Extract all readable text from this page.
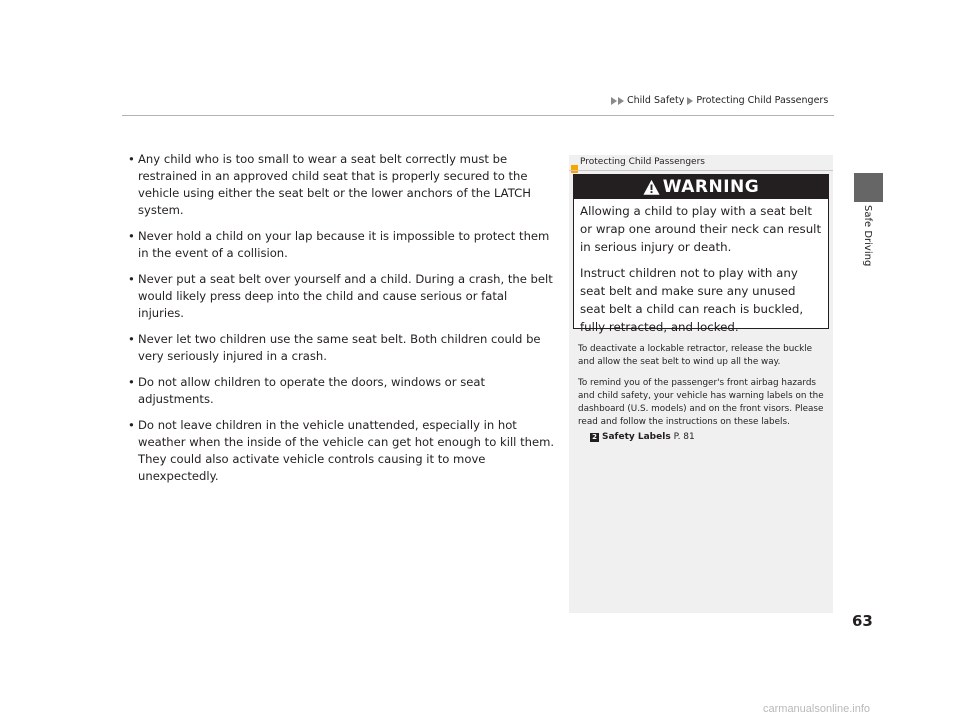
Child Safety Protecting Child Passengers
Safe Driving
• Any child who is too small to wear a seat belt correctly must be restrained in an approved child seat that is properly secured to the vehicle using either the seat belt or the lower anchors of the LATCH system.
• Never hold a child on your lap because it is impossible to protect them in the event of a collision.
• Never put a seat belt over yourself and a child. During a crash, the belt would likely press deep into the child and cause serious or fatal injuries.
• Never let two children use the same seat belt. Both children could be very seriously injured in a crash.
• Do not allow children to operate the doors, windows or seat adjustments.
• Do not leave children in the vehicle unattended, especially in hot weather when the inside of the vehicle can get hot enough to kill them. They could also activate vehicle controls causing it to move unexpectedly.
Protecting Child Passengers
WARNING

Allowing a child to play with a seat belt or wrap one around their neck can result in serious injury or death.

Instruct children not to play with any seat belt and make sure any unused seat belt a child can reach is buckled, fully retracted, and locked.

To deactivate a lockable retractor, release the buckle and allow the seat belt to wind up all the way.

To remind you of the passenger's front airbag hazards and child safety, your vehicle has warning labels on the dashboard (U.S. models) and on the front visors. Please read and follow the instructions on these labels.

2 Safety Labels P. 81
63
carmanualsonline.info
